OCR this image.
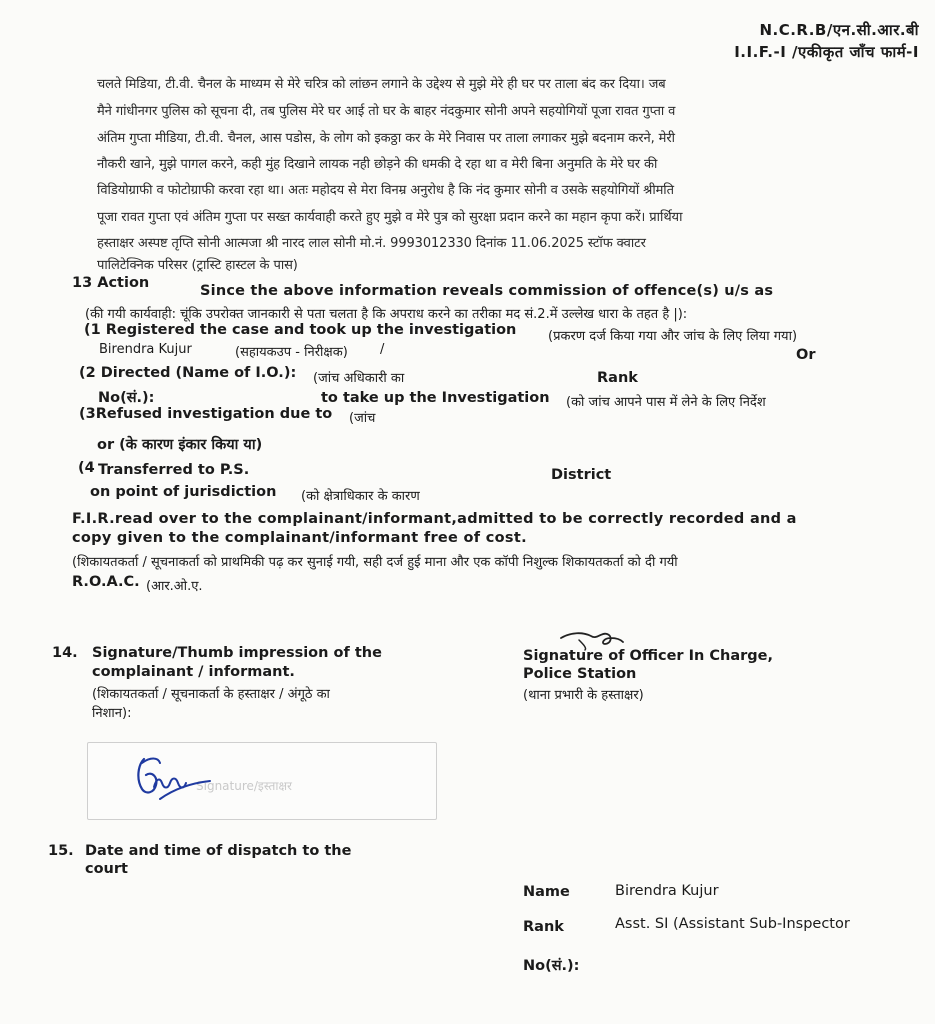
N.C.R.B/एन.सी.आर.बी
I.I.F.-I /एकीकृत जाँच फार्म-I
चलते मिडिया, टी.वी. चैनल के माध्यम से मेरे चरित्र को लांछन लगाने के उद्देश्य से मुझे मेरे ही घर पर ताला बंद कर दिया। जब
मैने गांधीनगर पुलिस को सूचना दी, तब पुलिस मेरे घर आई तो घर के बाहर नंदकुमार सोनी अपने सहयोगियों पूजा रावत गुप्ता व
अंतिम गुप्ता मीडिया, टी.वी. चैनल, आस पडोस, के लोग को इकठ्ठा कर के मेरे निवास पर ताला लगाकर मुझे बदनाम करने, मेरी
नौकरी खाने, मुझे पागल करने, कही मुंह दिखाने लायक नही छोड़ने की धमकी दे रहा था व मेरी बिना अनुमति के मेरे घर की
विडियोग्राफी व फोटोग्राफी करवा रहा था। अतः महोदय से मेरा विनम्र अनुरोध है कि नंद कुमार सोनी व उसके सहयोगियों श्रीमति
पूजा रावत गुप्ता एवं अंतिम गुप्ता पर सख्त कार्यवाही करते हुए मुझे व मेरे पुत्र को सुरक्षा प्रदान करने का महान कृपा करें। प्रार्थिया
हस्ताक्षर अस्पष्ट तृप्ति सोनी आत्मजा श्री नारद लाल सोनी मो.नं. 9993012330 दिनांक 11.06.2025 स्टॉफ क्वाटर
पालिटेक्निक परिसर (ट्रास्टि हास्टल के पास)
13 Action	Since the above information reveals commission of offence(s) u/s as
(की गयी कार्यवाही: चूंकि उपरोक्त जानकारी से पता चलता है कि अपराध करने का तरीका मद सं.2.में उल्लेख धारा के तहत है |):
(1 Registered the case and took up the investigation (प्रकरण दर्ज किया गया और जांच के लिए लिया गया)
Birendra Kujur	(सहायकउप - निरीक्षक) /	Or
(2 Directed (Name of I.O.): (जांच अधिकारी का	Rank
No(सं.):	to take up the Investigation (को जांच आपने पास में लेने के लिए निर्देश
(3Refused investigation due to (जांच
or (के कारण इंकार किया या)
(4 Transferred to P.S.	District
on point of jurisdiction (को क्षेत्राधिकार के कारण
F.I.R.read over to the complainant/informant,admitted to be correctly recorded and a
copy given to the complainant/informant free of cost.
(शिकायतकर्ता / सूचनाकर्ता को प्राथमिकी पढ़ कर सुनाई गयी, सही दर्ज हुई माना और एक कॉपी निशुल्क शिकायतकर्ता को दी गयी
R.O.A.C. (आर.ओ.ए.
14. Signature/Thumb impression of the
complainant / informant.
(शिकायतकर्ता / सूचनाकर्ता के हस्ताक्षर / अंगूठे का
निशान):
Signature/इस्ताक्षर
Signature of Officer In Charge,
Police Station
(थाना प्रभारी के हस्ताक्षर)
15. Date and time of dispatch to the
court
Name	Birendra Kujur
Rank	Asst. SI (Assistant Sub-Inspector
No(सं.):
